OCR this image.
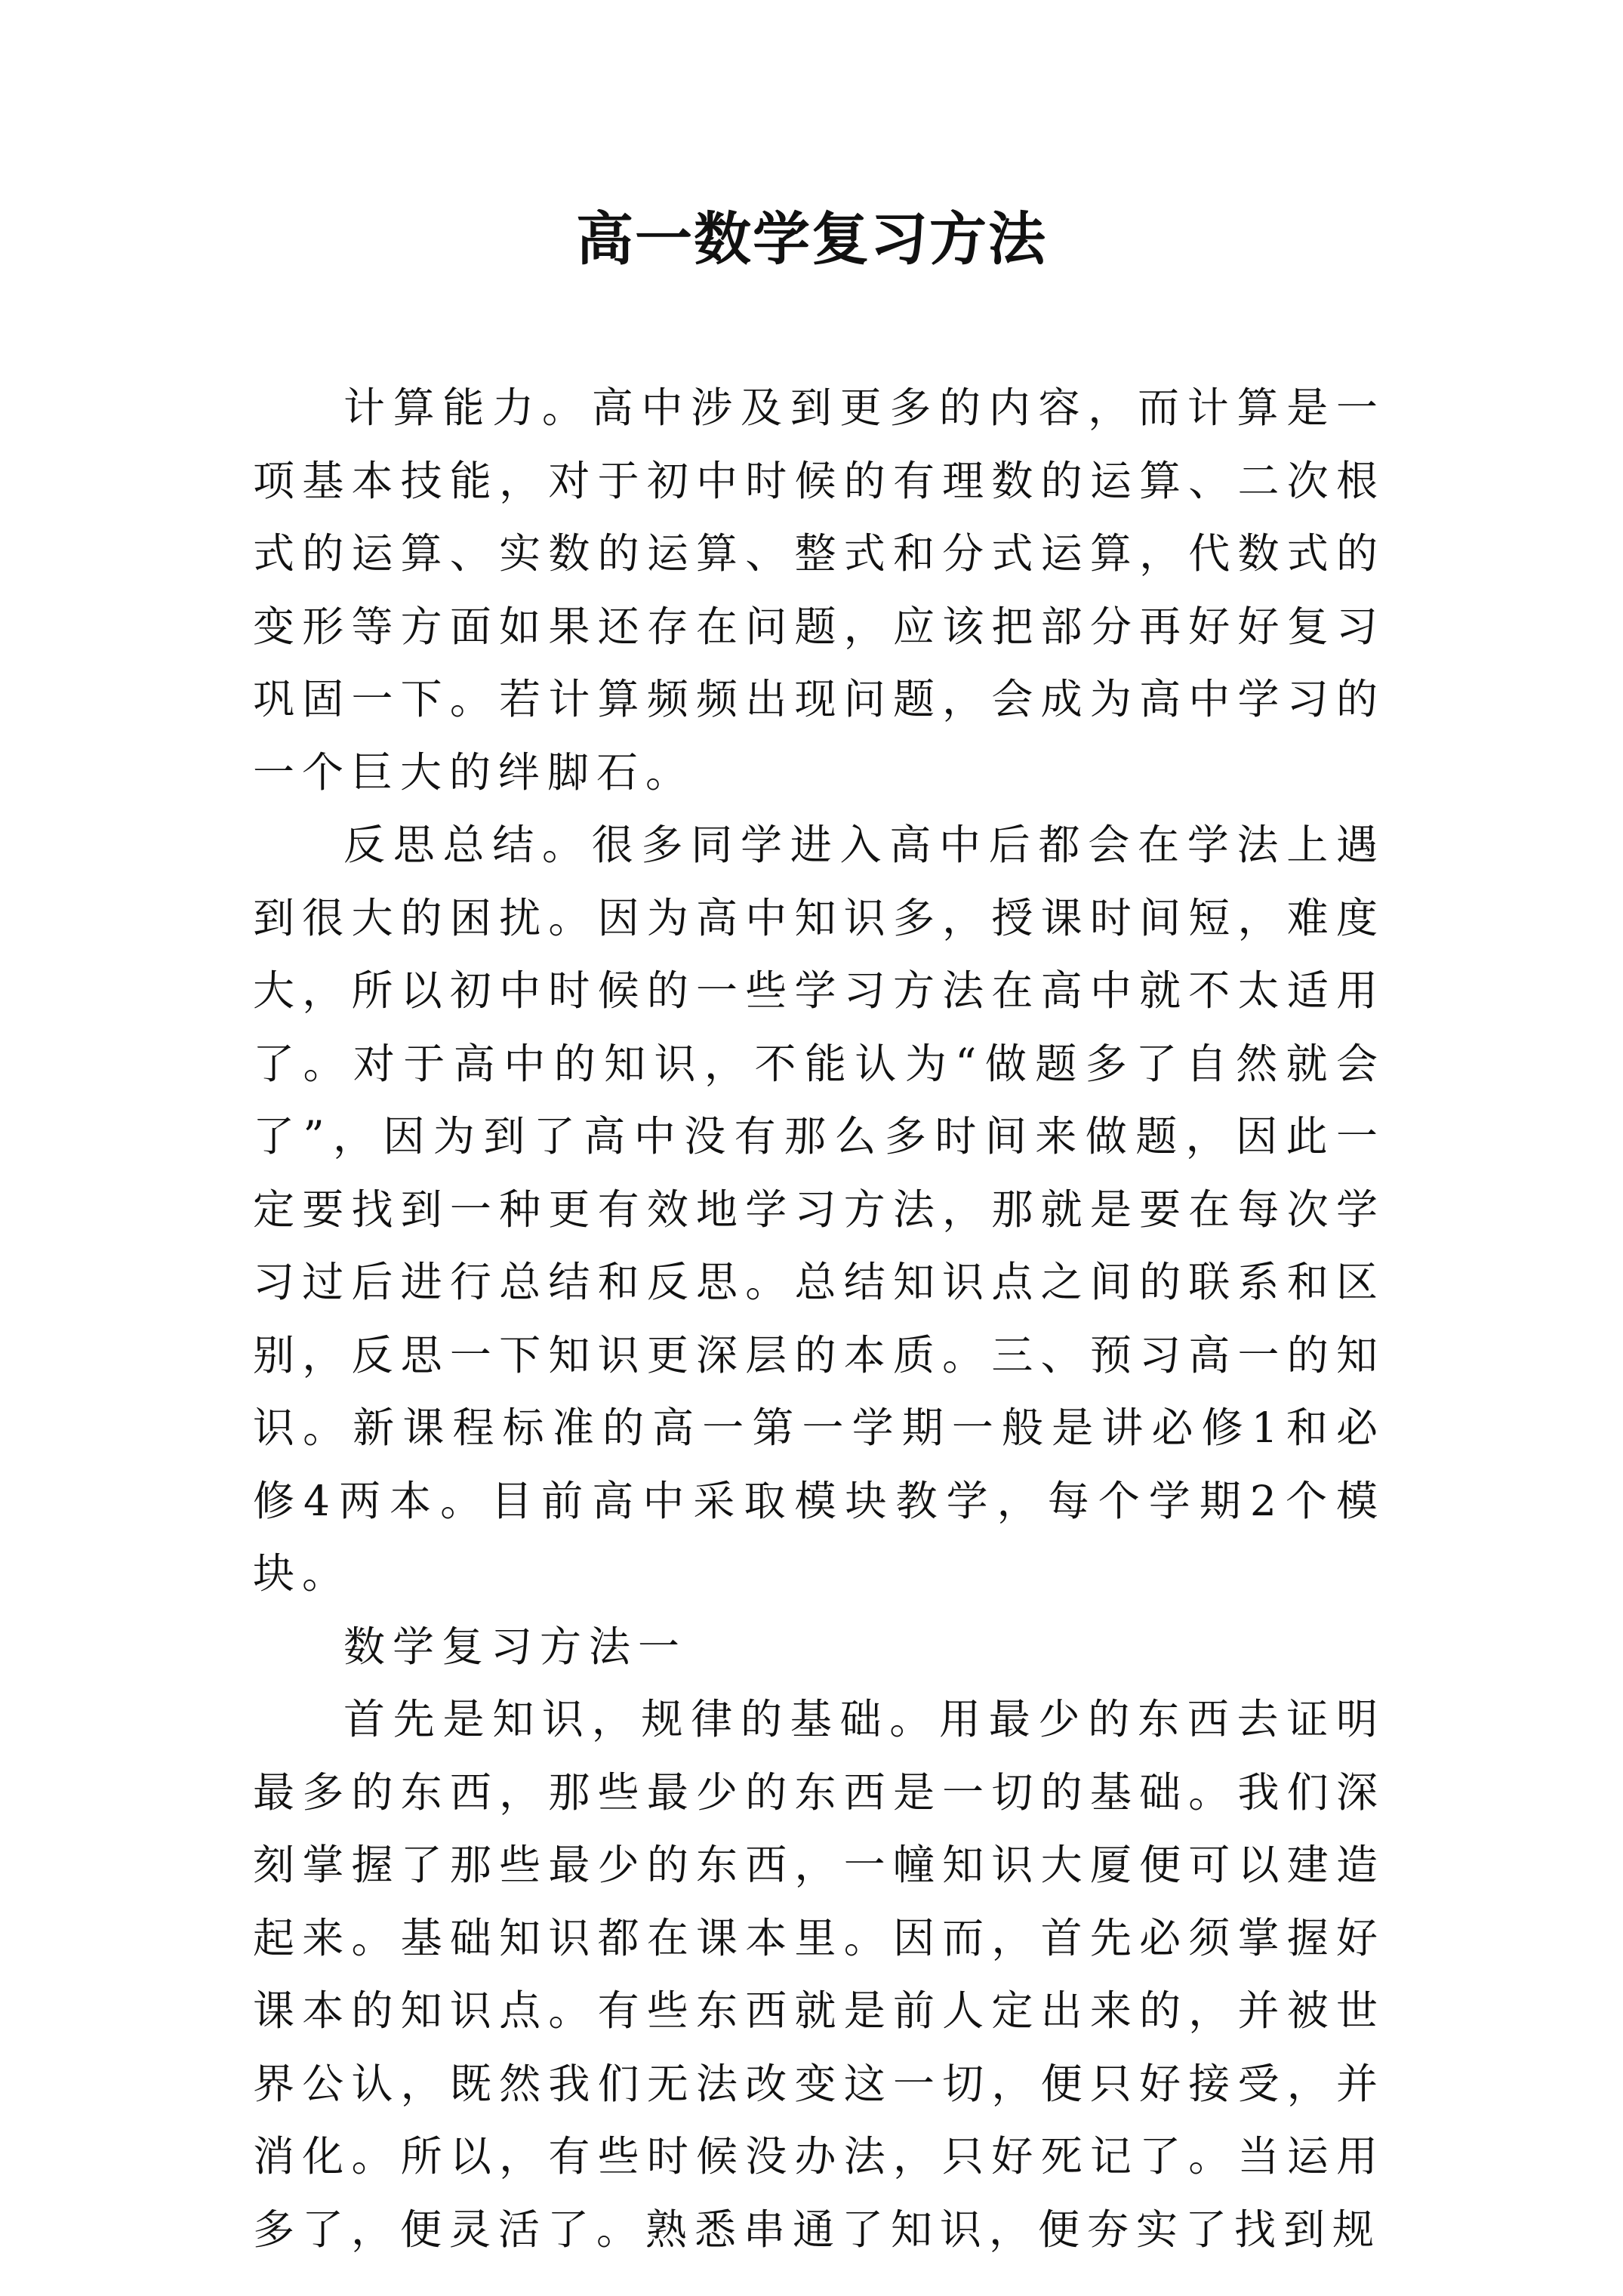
高一数学复习方法

计算能力。高中涉及到更多的内容，而计算是一项基本技能，对于初中时候的有理数的运算、二次根式的运算、实数的运算、整式和分式运算，代数式的变形等方面如果还存在问题，应该把部分再好好复习巩固一下。若计算频频出现问题，会成为高中学习的一个巨大的绊脚石。

反思总结。很多同学进入高中后都会在学法上遇到很大的困扰。因为高中知识多，授课时间短，难度大，所以初中时候的一些学习方法在高中就不太适用了。对于高中的知识，不能认为“做题多了自然就会了”，因为到了高中没有那么多时间来做题，因此一定要找到一种更有效地学习方法，那就是要在每次学习过后进行总结和反思。总结知识点之间的联系和区别，反思一下知识更深层的本质。三、预习高一的知识。新课程标准的高一第一学期一般是讲必修1和必修4两本。目前高中采取模块教学，每个学期2个模块。

数学复习方法一

首先是知识，规律的基础。用最少的东西去证明最多的东西，那些最少的东西是一切的基础。我们深刻掌握了那些最少的东西，一幢知识大厦便可以建造起来。基础知识都在课本里。因而，首先必须掌握好课本的知识点。有些东西就是前人定出来的，并被世界公认，既然我们无法改变这一切，便只好接受，并消化。所以，有些时候没办法，只好死记了。当运用多了，便灵活了。熟悉串通了知识，便夯实了找到规
